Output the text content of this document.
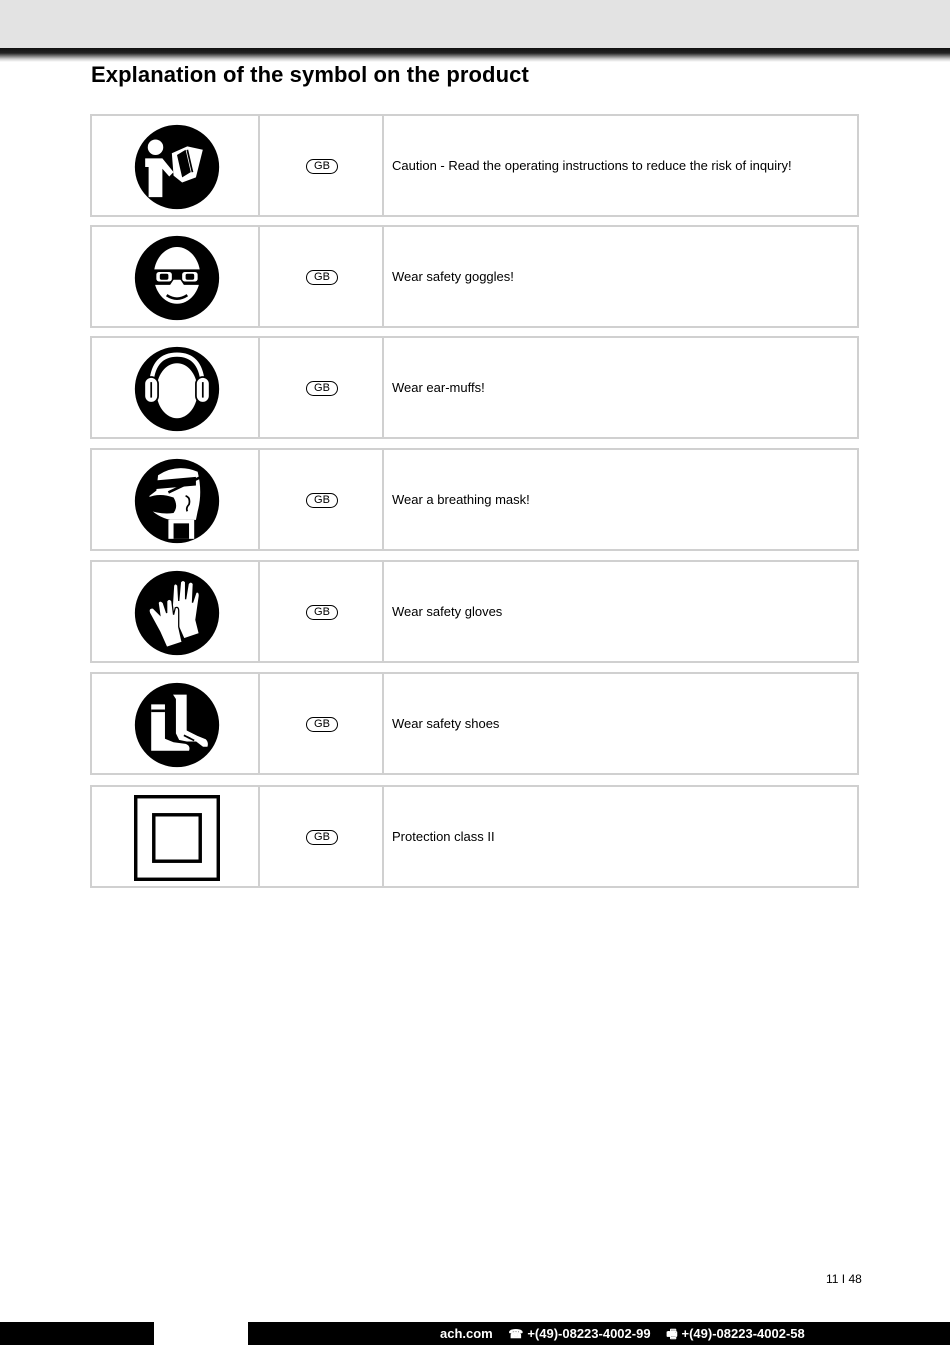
Explanation of the symbol on the product
GB	Caution - Read the operating instructions to reduce the risk of inquiry!
GB	Wear safety goggles!
GB	Wear ear-muffs!
GB	Wear a breathing mask!
GB	Wear safety gloves
GB	Wear safety shoes
GB	Protection class II
11 I 48
ach.com ☎ +(49)-08223-4002-99 🖷 +(49)-08223-4002-58
